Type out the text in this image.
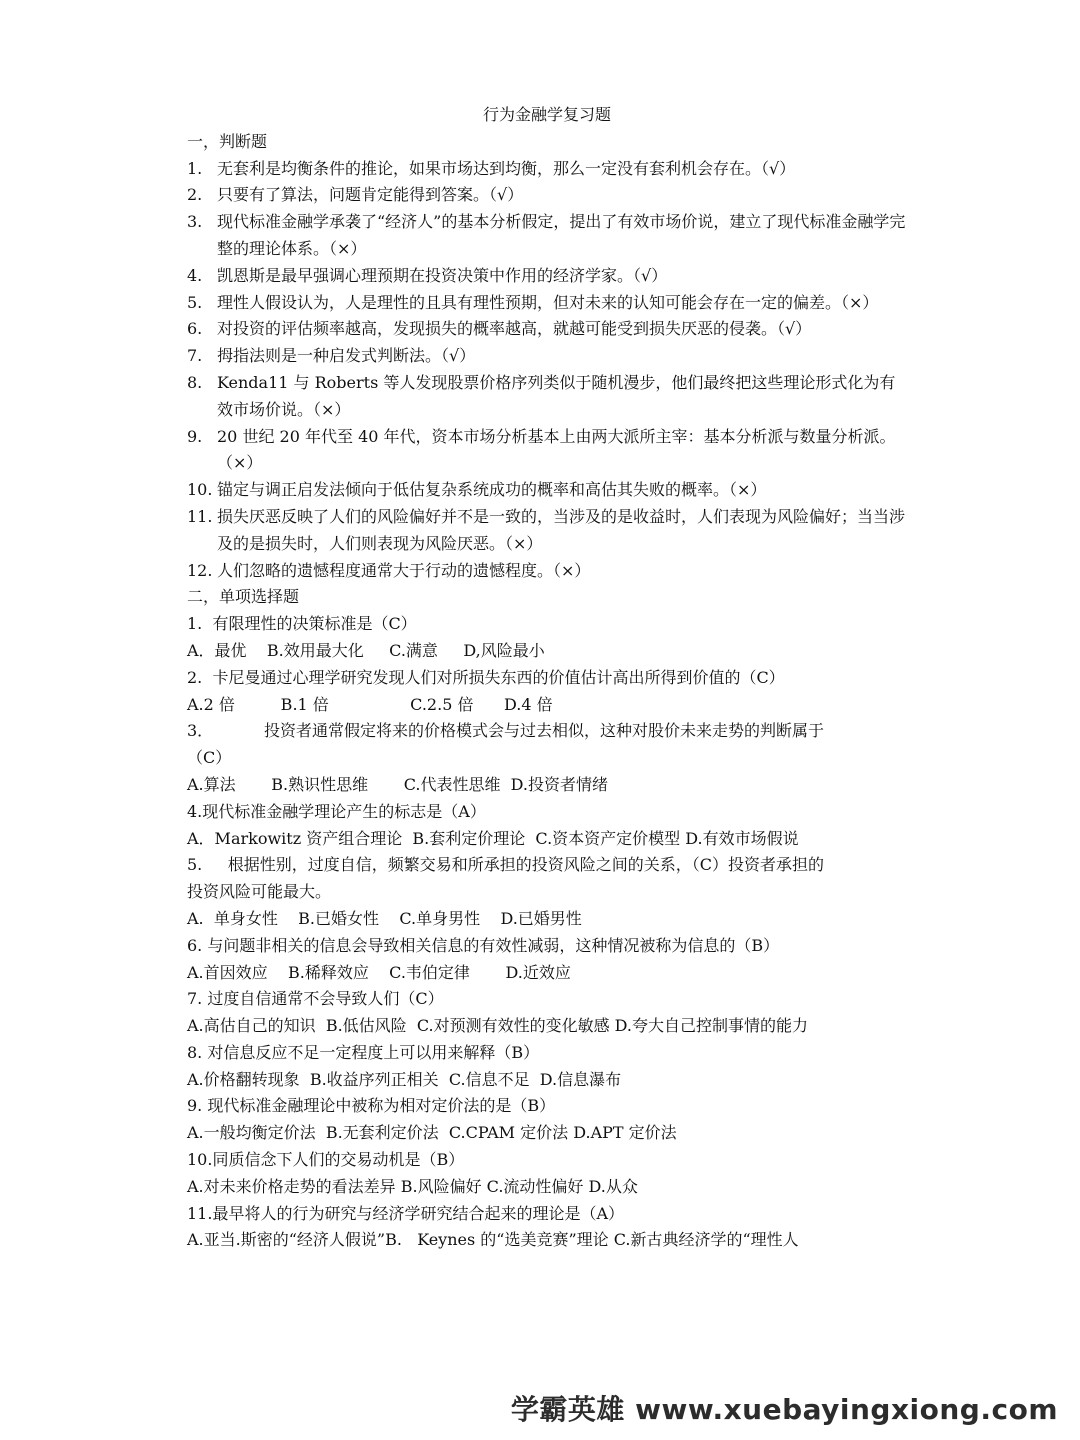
行为金融学复习题
一，判断题
1. 无套利是均衡条件的推论，如果市场达到均衡，那么一定没有套利机会存在。（√）
2. 只要有了算法，问题肯定能得到答案。（√）
3. 现代标准金融学承袭了“经济人”的基本分析假定，提出了有效市场价说，建立了现代标准金融学完整的理论体系。（×）
4. 凯恩斯是最早强调心理预期在投资决策中作用的经济学家。（√）
5. 理性人假设认为，人是理性的且具有理性预期，但对未来的认知可能会存在一定的偏差。（×）
6. 对投资的评估频率越高，发现损失的概率越高，就越可能受到损失厌恶的侵袭。（√）
7. 拇指法则是一种启发式判断法。（√）
8. Kenda11 与 Roberts 等人发现股票价格序列类似于随机漫步，他们最终把这些理论形式化为有效市场价说。（×）
9. 20 世纪 20 年代至 40 年代，资本市场分析基本上由两大派所主宰：基本分析派与数量分析派。（×）
10. 锚定与调正启发法倾向于低估复杂系统成功的概率和高估其失败的概率。（×）
11. 损失厌恶反映了人们的风险偏好并不是一致的，当涉及的是收益时，人们表现为风险偏好；当当涉及的是损失时，人们则表现为风险厌恶。（×）
12. 人们忽略的遗憾程度通常大于行动的遗憾程度。（×）
二，单项选择题
1.  有限理性的决策标准是（C）
A．最优    B.效用最大化     C.满意     D,风险最小
2.  卡尼曼通过心理学研究发现人们对所损失东西的价值估计高出所得到价值的（C）
A.2 倍         B.1 倍                C.2.5 倍      D.4 倍
3．          投资者通常假定将来的价格模式会与过去相似，这种对股价未来走势的判断属于
（C）
A.算法       B.熟识性思维       C.代表性思维  D.投资者情绪
4.现代标准金融学理论产生的标志是（A）
A．Markowitz 资产组合理论  B.套利定价理论  C.资本资产定价模型 D.有效市场假说
5.     根据性别，过度自信，频繁交易和所承担的投资风险之间的关系，（C）投资者承担的
投资风险可能最大。
A.  单身女性    B.已婚女性    C.单身男性    D.已婚男性
6. 与问题非相关的信息会导致相关信息的有效性减弱，这种情况被称为信息的（B）
A.首因效应    B.稀释效应    C.韦伯定律       D.近效应
7. 过度自信通常不会导致人们（C）
A.高估自己的知识  B.低估风险  C.对预测有效性的变化敏感 D.夸大自己控制事情的能力
8. 对信息反应不足一定程度上可以用来解释（B）
A.价格翻转现象  B.收益序列正相关  C.信息不足  D.信息瀑布
9. 现代标准金融理论中被称为相对定价法的是（B）
A.一般均衡定价法  B.无套利定价法  C.CPAM 定价法 D.APT 定价法
10.同质信念下人们的交易动机是（B）
A.对未来价格走势的看法差异 B.风险偏好 C.流动性偏好 D.从众
11.最早将人的行为研究与经济学研究结合起来的理论是（A）
A.亚当.斯密的“经济人假说”B.   Keynes 的“选美竞赛”理论 C.新古典经济学的“理性人
学霸英雄 www.xuebayingxiong.com
